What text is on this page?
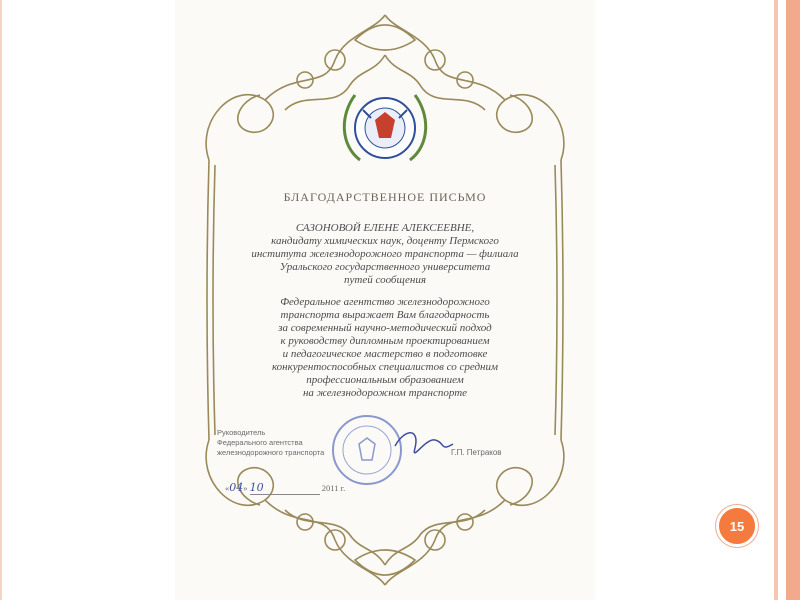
БЛАГОДАРСТВЕННОЕ ПИСЬМО
САЗОНОВОЙ ЕЛЕНЕ АЛЕКСЕЕВНЕ,
кандидату химических наук, доценту Пермского
института железнодорожного транспорта — филиала
Уральского государственного университета
путей сообщения
Федеральное агентство железнодорожного
транспорта выражает Вам благодарность
за современный научно-методический подход
к руководству дипломным проектированием
и педагогическое мастерство в подготовке
конкурентоспособных специалистов со средним
профессиональным образованием
на железнодорожном транспорте
Руководитель
Федерального агентства
железнодорожного транспорта	Г.П. Петраков
«04» 10	2011 г.
15
